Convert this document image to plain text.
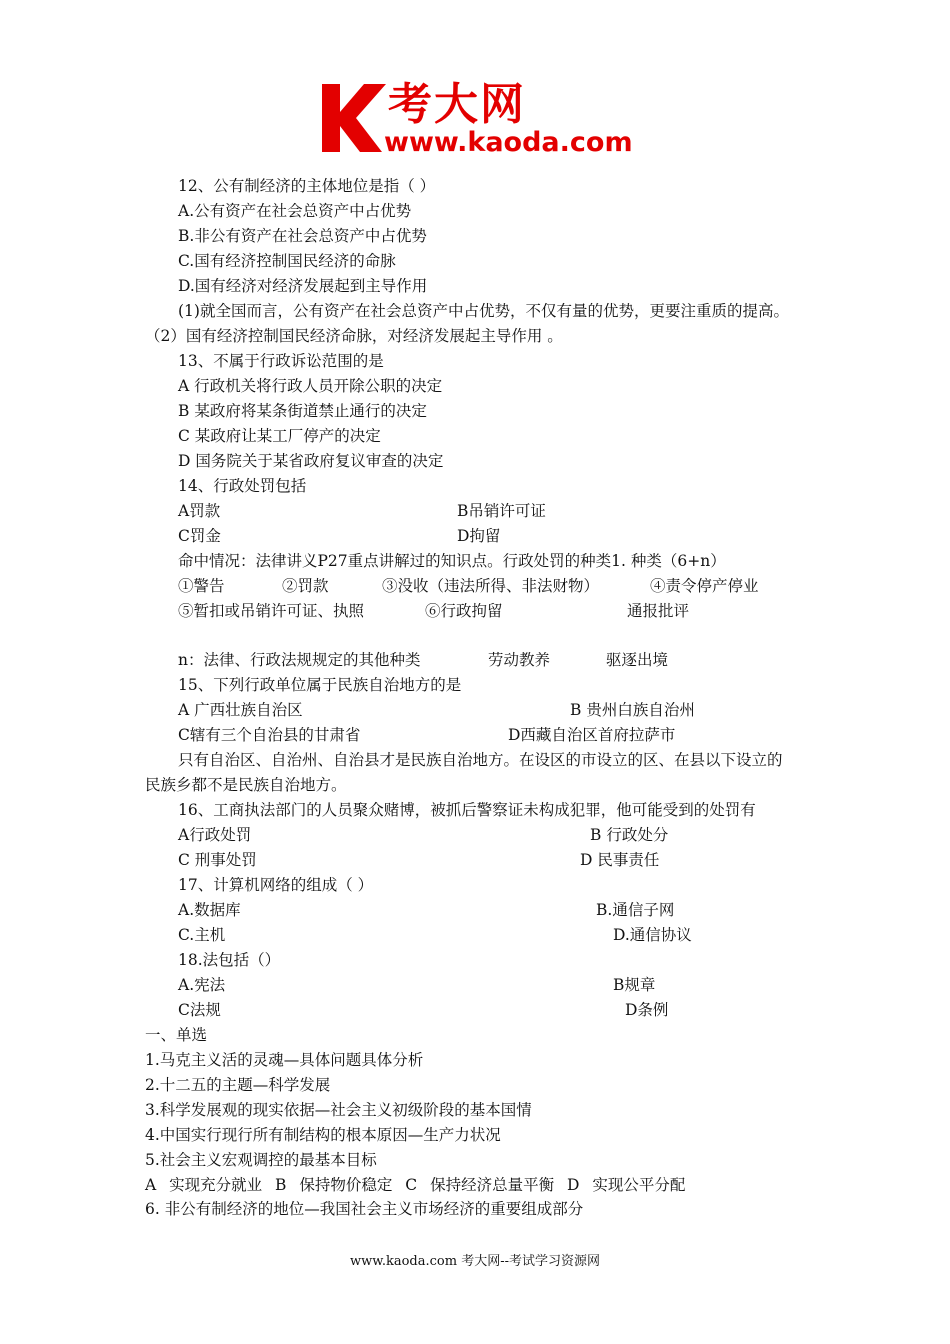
考大网
www.kaoda.com
12、公有制经济的主体地位是指（ ）
A.公有资产在社会总资产中占优势
B.非公有资产在社会总资产中占优势
C.国有经济控制国民经济的命脉
D.国有经济对经济发展起到主导作用
(1)就全国而言，公有资产在社会总资产中占优势，不仅有量的优势，更要注重质的提高。
（2）国有经济控制国民经济命脉，对经济发展起主导作用 。
13、不属于行政诉讼范围的是
A 行政机关将行政人员开除公职的决定
B 某政府将某条街道禁止通行的决定
C 某政府让某工厂停产的决定
D 国务院关于某省政府复议审查的决定
14、行政处罚包括
A罚款	B吊销许可证
C罚金	D拘留
命中情况：法律讲义P27重点讲解过的知识点。行政处罚的种类1. 种类（6+n）
①警告	②罚款	③没收（违法所得、非法财物）	④责令停产停业
⑤暂扣或吊销许可证、执照	⑥行政拘留	通报批评
n：法律、行政法规规定的其他种类	劳动教养	驱逐出境
15、下列行政单位属于民族自治地方的是
A 广西壮族自治区	B 贵州白族自治州
C辖有三个自治县的甘肃省	D西藏自治区首府拉萨市
只有自治区、自治州、自治县才是民族自治地方。在设区的市设立的区、在县以下设立的
民族乡都不是民族自治地方。
16、工商执法部门的人员聚众赌博，被抓后警察证未构成犯罪，他可能受到的处罚有
A行政处罚	B 行政处分
C 刑事处罚	D 民事责任
17、计算机网络的组成（ ）
A.数据库	B.通信子网
C.主机	D.通信协议
18.法包括（）
A.宪法	B规章
C法规	D条例
一、单选
1.马克主义活的灵魂—具体问题具体分析
2.十二五的主题—科学发展
3.科学发展观的现实依据—社会主义初级阶段的基本国情
4.中国实行现行所有制结构的根本原因—生产力状况
5.社会主义宏观调控的最基本目标
A 实现充分就业 B 保持物价稳定 C 保持经济总量平衡 D 实现公平分配
6. 非公有制经济的地位—我国社会主义市场经济的重要组成部分
www.kaoda.com 考大网--考试学习资源网
